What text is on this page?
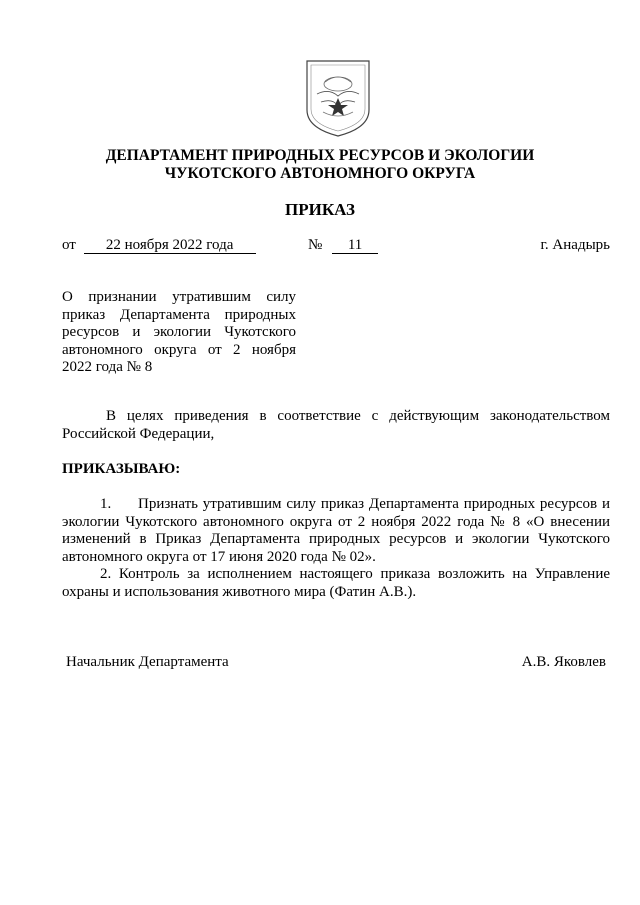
ДЕПАРТАМЕНТ ПРИРОДНЫХ РЕСУРСОВ И ЭКОЛОГИИ
ЧУКОТСКОГО АВТОНОМНОГО ОКРУГА
ПРИКАЗ
от 22 ноября 2022 года	№ 11	г. Анадырь
О признании утратившим силу
приказ Департамента природных
ресурсов и экологии Чукотского
автономного округа от 2 ноября
2022 года № 8
В целях приведения в соответствие с действующим законодательством
Российской Федерации,
ПРИКАЗЫВАЮ:
1. Признать утратившим силу приказ Департамента природных ресурсов и
экологии Чукотского автономного округа от 2 ноября 2022 года № 8 «О внесении
изменений в Приказ Департамента природных ресурсов и экологии Чукотского
автономного округа от 17 июня 2020 года № 02».
2. Контроль за исполнением настоящего приказа возложить на Управление
охраны и использования животного мира (Фатин А.В.).
Начальник Департамента	А.В. Яковлев
